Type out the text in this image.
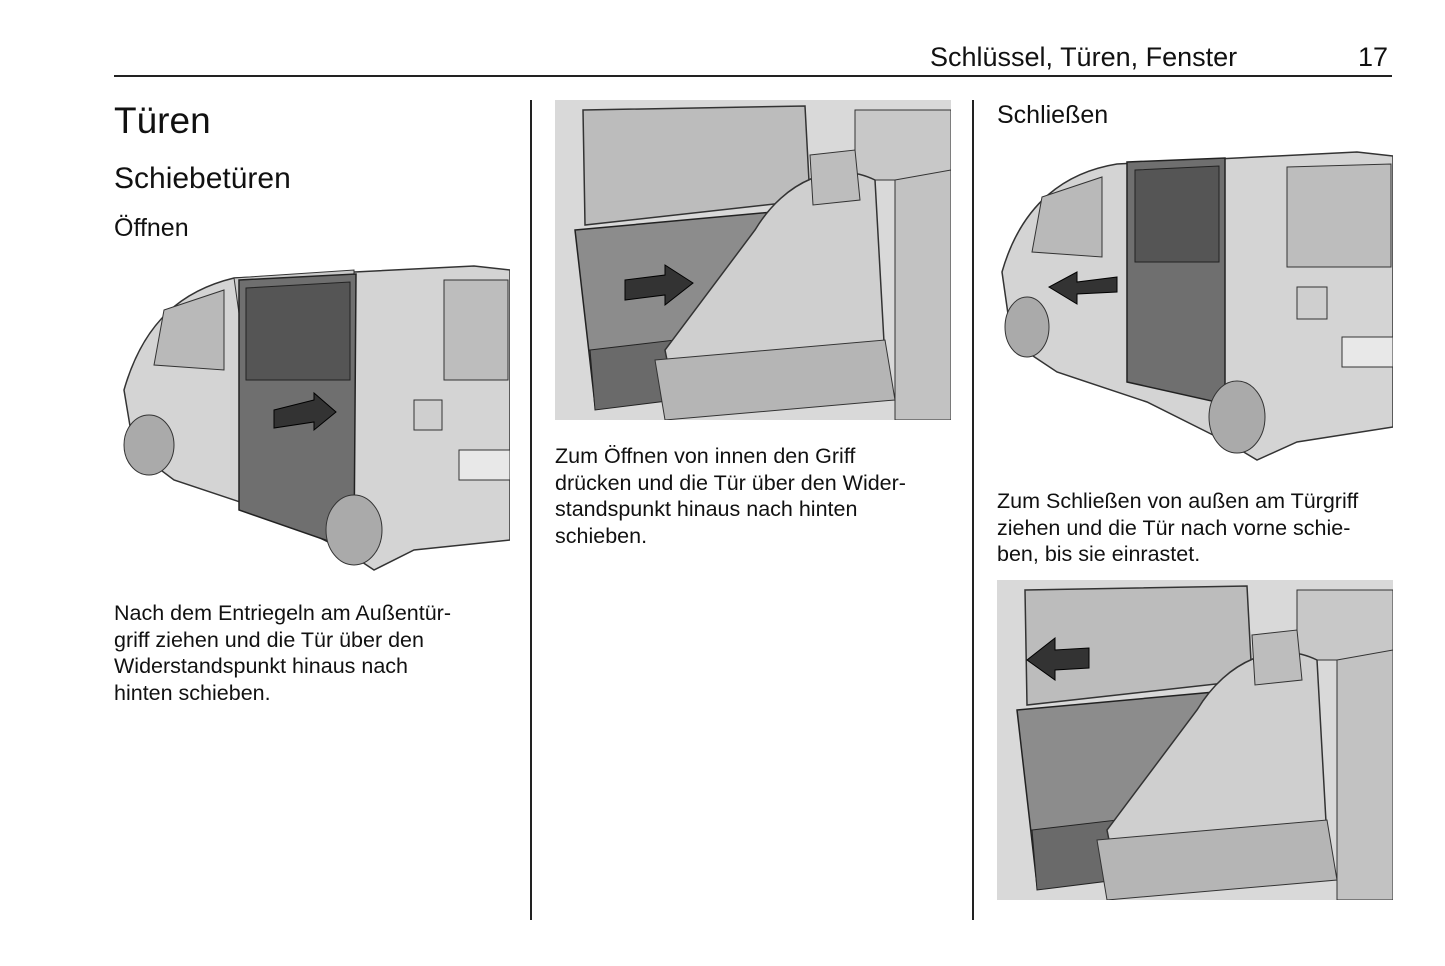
Schlüssel, Türen, Fenster	17
Türen
Schiebetüren
Öffnen
Nach dem Entriegeln am Außentür-
griff ziehen und die Tür über den
Widerstandspunkt hinaus nach
hinten schieben.
Zum Öffnen von innen den Griff
drücken und die Tür über den Wider-
standspunkt hinaus nach hinten
schieben.
Schließen
Zum Schließen von außen am Türgriff
ziehen und die Tür nach vorne schie-
ben, bis sie einrastet.
